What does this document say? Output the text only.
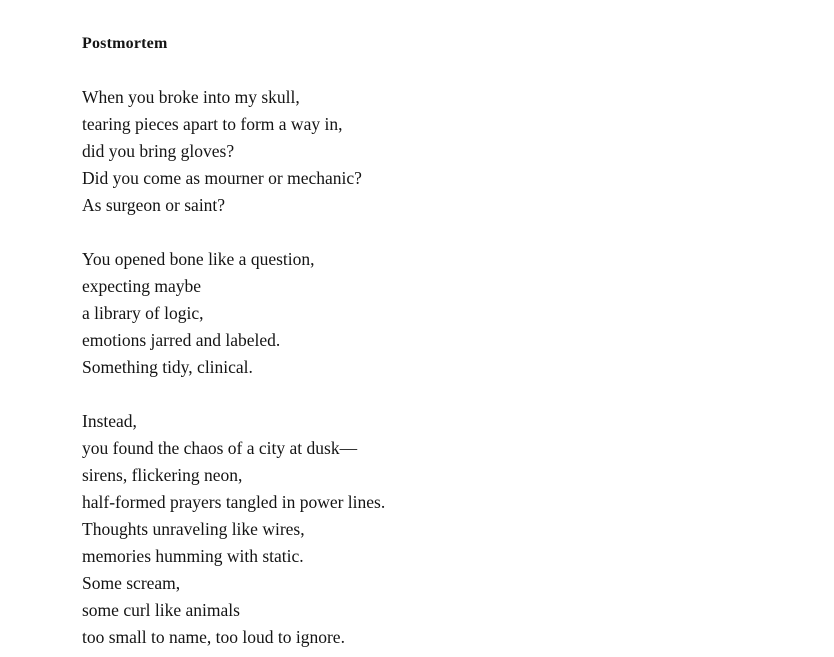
Postmortem

When you broke into my skull,

tearing pieces apart to form a way in,

did you bring gloves?

Did you come as mourner or mechanic?

As surgeon or saint?

You opened bone like a question,

expecting maybe

a library of logic,

emotions jarred and labeled.

Something tidy, clinical.

Instead,

you found the chaos of a city at dusk—

sirens, flickering neon,

half-formed prayers tangled in power lines.

Thoughts unraveling like wires,

memories humming with static.

Some scream,

some curl like animals

too small to name, too loud to ignore.
